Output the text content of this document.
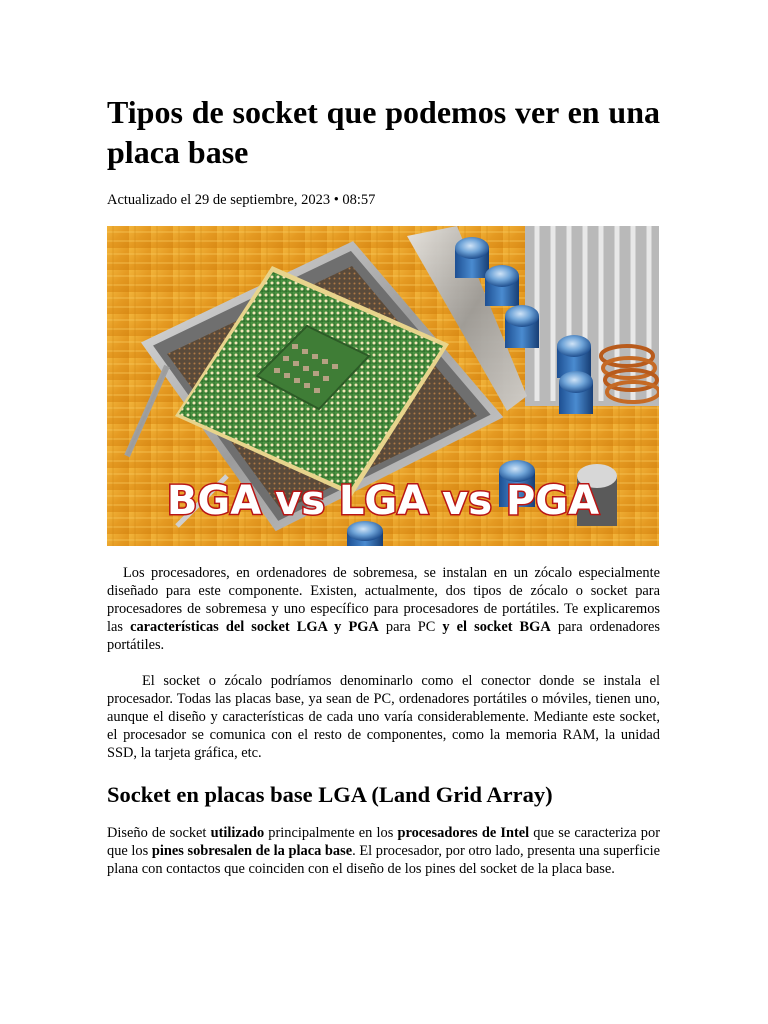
Tipos de socket que podemos ver en una placa base
Actualizado el 29 de septiembre, 2023 • 08:57
BGA vs LGA vs PGA

Los procesadores, en ordenadores de sobremesa, se instalan en un zócalo especialmente diseñado para este componente. Existen, actualmente, dos tipos de zócalo o socket para procesadores de sobremesa y uno específico para procesadores de portátiles. Te explicaremos las características del socket LGA y PGA para PC y el socket BGA para ordenadores portátiles.

El socket o zócalo podríamos denominarlo como el conector donde se instala el procesador. Todas las placas base, ya sean de PC, ordenadores portátiles o móviles, tienen uno, aunque el diseño y características de cada uno varía considerablemente. Mediante este socket, el procesador se comunica con el resto de componentes, como la memoria RAM, la unidad SSD, la tarjeta gráfica, etc.

Socket en placas base LGA (Land Grid Array)

Diseño de socket utilizado principalmente en los procesadores de Intel que se caracteriza por que los pines sobresalen de la placa base. El procesador, por otro lado, presenta una superficie plana con contactos que coinciden con el diseño de los pines del socket de la placa base.
